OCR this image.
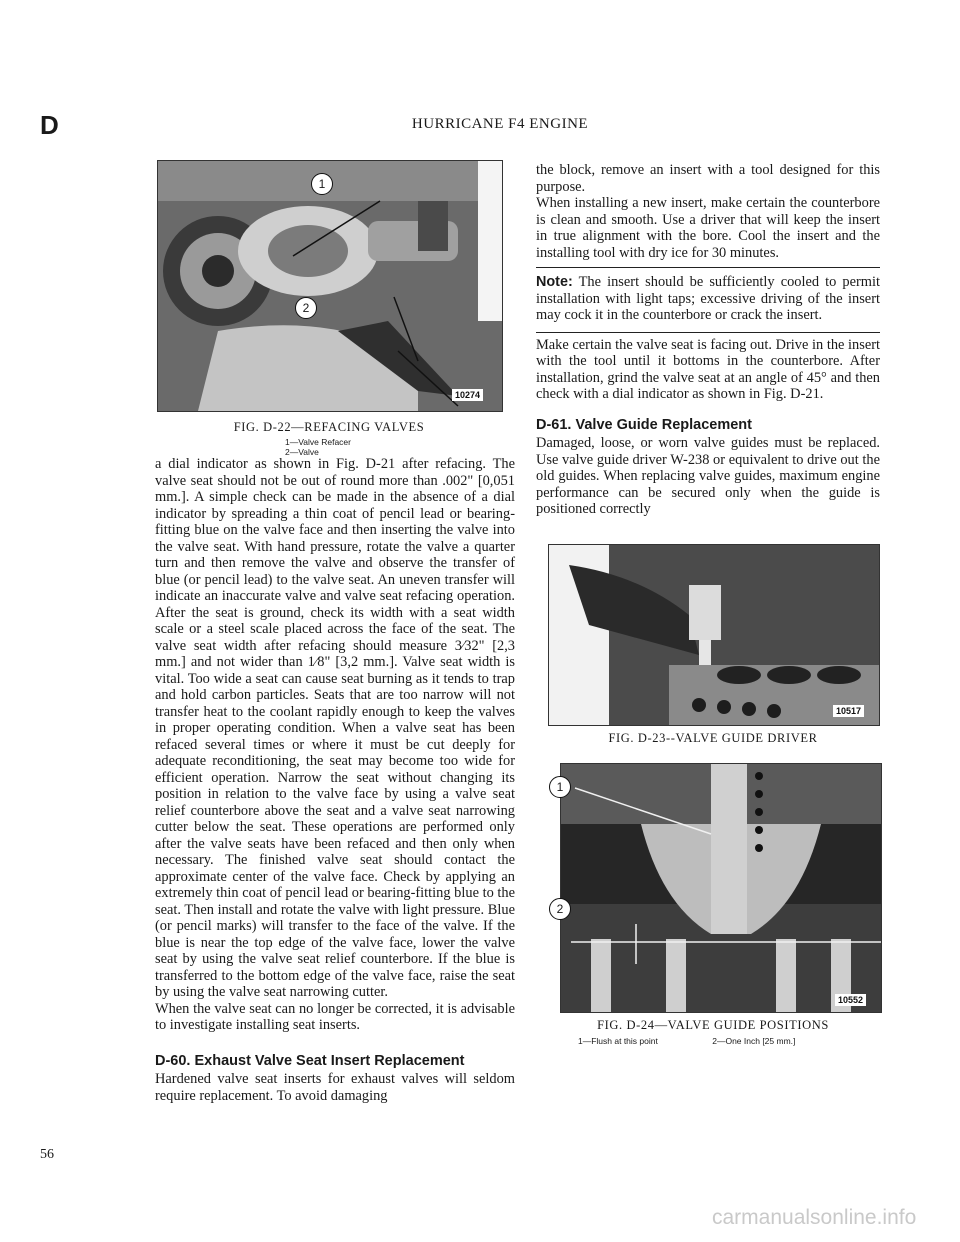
D	HURRICANE F4 ENGINE
1
2
10274
FIG. D-22—REFACING VALVES
1—Valve Refacer
2—Valve

a dial indicator as shown in Fig. D-21 after refacing. The valve seat should not be out of round more than .002" [0,051 mm.]. A simple check can be made in the absence of a dial indicator by spreading a thin coat of pencil lead or bearing-fitting blue on the valve face and then inserting the valve into the valve seat. With hand pressure, rotate the valve a quarter turn and then remove the valve and observe the transfer of blue (or pencil lead) to the valve seat. An uneven transfer will indicate an inaccurate valve and valve seat refacing operation. After the seat is ground, check its width with a seat width scale or a steel scale placed across the face of the seat. The valve seat width after refacing should measure 3⁄32" [2,3 mm.] and not wider than 1⁄8" [3,2 mm.]. Valve seat width is vital. Too wide a seat can cause seat burning as it tends to trap and hold carbon particles. Seats that are too narrow will not transfer heat to the coolant rapidly enough to keep the valves in proper operating condition. When a valve seat has been refaced several times or where it must be cut deeply for adequate reconditioning, the seat may become too wide for efficient operation. Narrow the seat without changing its position in relation to the valve face by using a valve seat relief counterbore above the seat and a valve seat narrowing cutter below the seat. These operations are performed only after the valve seats have been refaced and then only when necessary. The finished valve seat should contact the approximate center of the valve face. Check by applying an extremely thin coat of pencil lead or bearing-fitting blue to the seat. Then install and rotate the valve with light pressure. Blue (or pencil marks) will transfer to the face of the valve. If the blue is near the top edge of the valve face, lower the valve seat by using the valve seat relief counterbore. If the blue is transferred to the bottom edge of the valve face, raise the seat by using the valve seat narrowing cutter.

When the valve seat can no longer be corrected, it is advisable to investigate installing seat inserts.

D-60. Exhaust Valve Seat Insert Replacement

Hardened valve seat inserts for exhaust valves will seldom require replacement. To avoid damaging

the block, remove an insert with a tool designed for this purpose.

When installing a new insert, make certain the counterbore is clean and smooth. Use a driver that will keep the insert in true alignment with the bore. Cool the insert and the installing tool with dry ice for 30 minutes.

Note: The insert should be sufficiently cooled to permit installation with light taps; excessive driving of the insert may cock it in the counterbore or crack the insert.

Make certain the valve seat is facing out. Drive in the insert with the tool until it bottoms in the counterbore. After installation, grind the valve seat at an angle of 45° and then check with a dial indicator as shown in Fig. D-21.

D-61. Valve Guide Replacement

Damaged, loose, or worn valve guides must be replaced. Use valve guide driver W-238 or equivalent to drive out the old guides. When replacing valve guides, maximum engine performance can be secured only when the guide is positioned correctly

10517
FIG. D-23--VALVE GUIDE DRIVER
1
2
10552
FIG. D-24—VALVE GUIDE POSITIONS
1—Flush at this point	2—One Inch [25 mm.]
56
carmanualsonline.info
